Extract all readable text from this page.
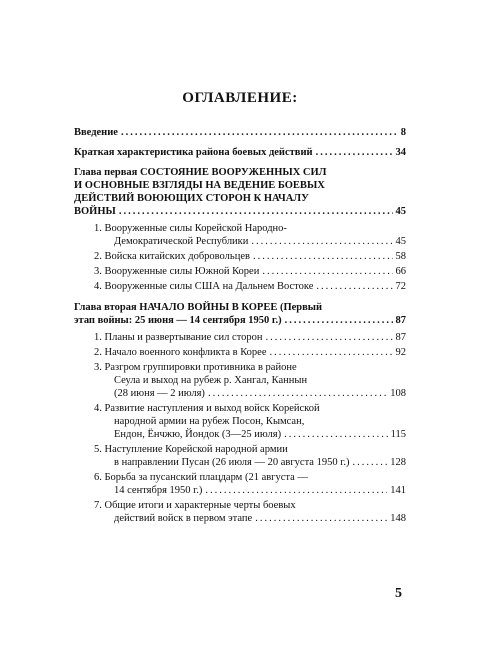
ОГЛАВЛЕНИЕ:
Введение .....	8
Краткая характеристика района боевых действий .....	34
Глава первая СОСТОЯНИЕ ВООРУЖЕННЫХ СИЛ
И ОСНОВНЫЕ ВЗГЛЯДЫ НА ВЕДЕНИЕ БОЕВЫХ
ДЕЙСТВИЙ ВОЮЮЩИХ СТОРОН К НАЧАЛУ
ВОЙНЫ .....	45
1. Вооруженные силы Корейской Народно-
Демократической Республики .....	45
2. Войска китайских добровольцев .....	58
3. Вооруженные силы Южной Кореи .....	66
4. Вооруженные силы США на Дальнем Востоке .....	72
Глава вторая НАЧАЛО ВОЙНЫ В КОРЕЕ (Первый
этап войны: 25 июня — 14 сентября 1950 г.) .....	87
1. Планы и развертывание сил сторон .....	87
2. Начало военного конфликта в Корее .....	92
3. Разгром группировки противника в районе
Сеула и выход на рубеж р. Хангал, Каннын
(28 июня — 2 июля) .....	108
4. Развитие наступления и выход войск Корейской
народной армии на рубеж Посон, Кымсан,
Ендон, Ёнчжю, Йондок (3—25 июля) .....	115
5. Наступление Корейской народной армии
в направлении Пусан (26 июля — 20 августа 1950 г.) .....	128
6. Борьба за пусанский плацдарм (21 августа —
14 сентября 1950 г.) .....	141
7. Общие итоги и характерные черты боевых
действий войск в первом этапе .....	148
5
